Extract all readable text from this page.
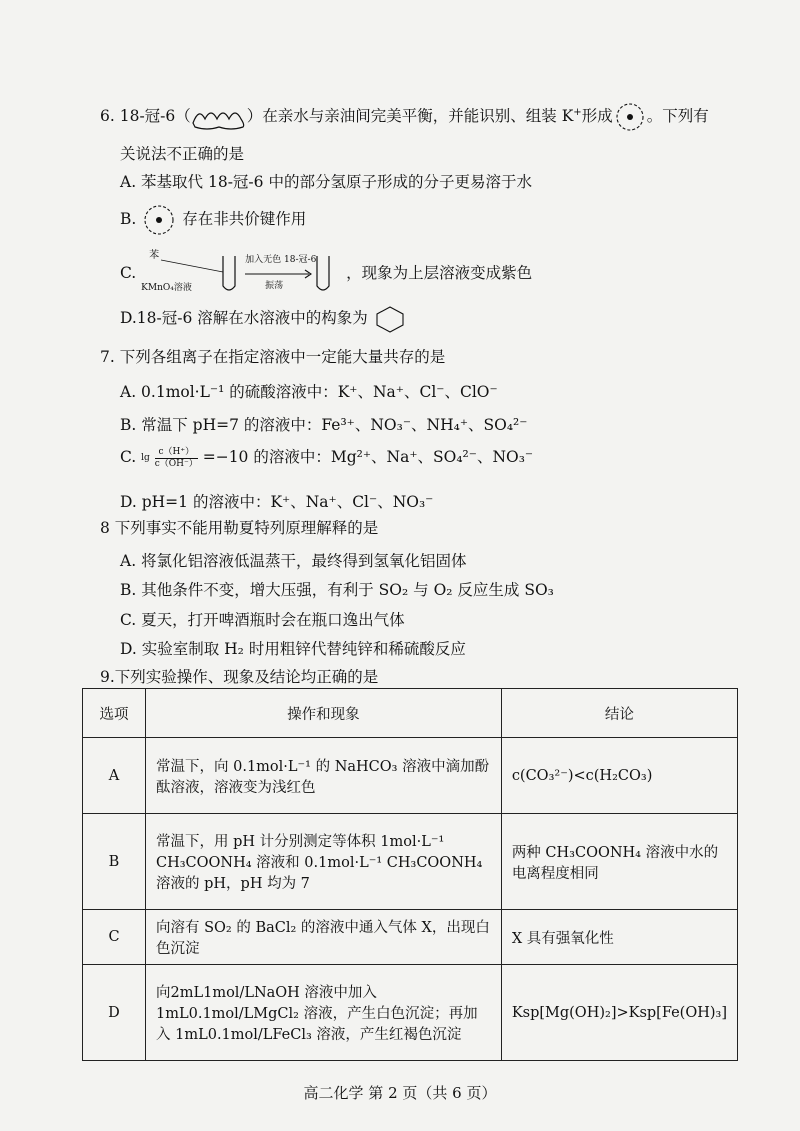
6. 18-冠-6（	）在亲水与亲油间完美平衡，并能识别、组装 K+形成 。下列有
关说法不正确的是
A. 苯基取代 18-冠-6 中的部分氢原子形成的分子更易溶于水
B.	存在非共价键作用
C.
苯
KMnO₄溶液
加入无色 18-冠-6
振荡
，现象为上层溶液变成紫色
D.18-冠-6 溶解在水溶液中的构象为
7. 下列各组离子在指定溶液中一定能大量共存的是
A. 0.1mol·L⁻¹ 的硫酸溶液中：K⁺、Na⁺、Cl⁻、ClO⁻
B. 常温下 pH=7 的溶液中：Fe³⁺、NO₃⁻、NH₄⁺、SO₄²⁻
C. $\lg \frac{c(H^+)}{c(OH^-)} =-10$ 的溶液中：Mg²⁺、Na⁺、SO₄²⁻、NO₃⁻
D. pH=1 的溶液中：K⁺、Na⁺、Cl⁻、NO₃⁻
8 下列事实不能用勒夏特列原理解释的是
A. 将氯化铝溶液低温蒸干，最终得到氢氧化铝固体
B. 其他条件不变，增大压强，有利于 SO₂ 与 O₂ 反应生成 SO₃
C. 夏天，打开啤酒瓶时会在瓶口逸出气体
D. 实验室制取 H₂ 时用粗锌代替纯锌和稀硫酸反应
9.下列实验操作、现象及结论均正确的是
选项	操作和现象	结论
A	常温下，向 0.1mol·L⁻¹ 的 NaHCO₃ 溶液中滴加酚酞溶液，溶液变为浅红色	c(CO₃²⁻)<c(H₂CO₃)
B	常温下，用 pH 计分别测定等体积 1mol·L⁻¹ CH₃COONH₄ 溶液和 0.1mol·L⁻¹ CH₃COONH₄ 溶液的 pH，pH 均为 7	两种 CH₃COONH₄ 溶液中水的电离程度相同
C	向溶有 SO₂ 的 BaCl₂ 的溶液中通入气体 X，出现白色沉淀	X 具有强氧化性
D	向2mL1mol/LNaOH 溶液中加入 1mL0.1mol/LMgCl₂ 溶液，产生白色沉淀；再加入 1mL0.1mol/LFeCl₃ 溶液，产生红褐色沉淀	Ksp[Mg(OH)₂]>Ksp[Fe(OH)₃]
高二化学 第 2 页（共 6 页）
